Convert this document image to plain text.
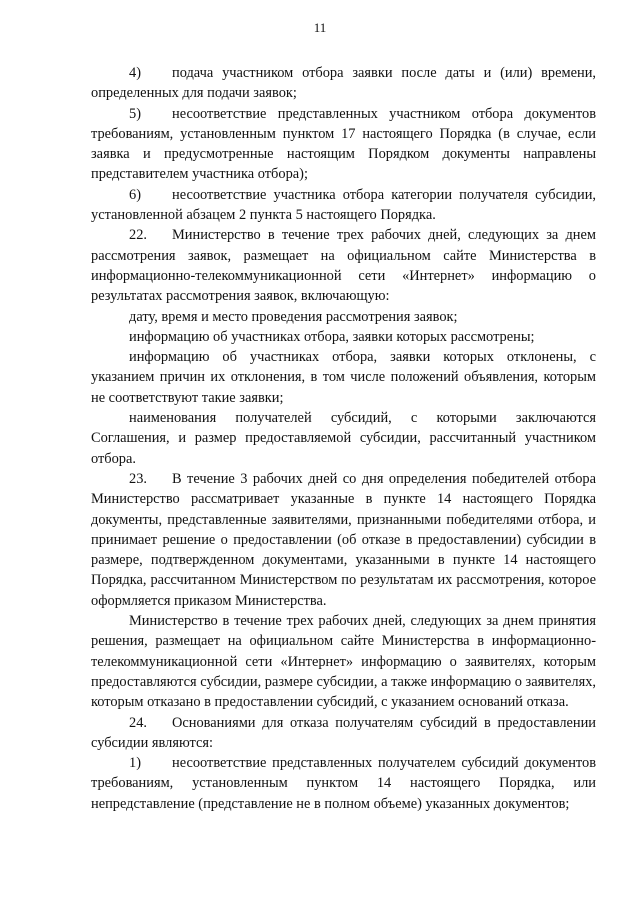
11

4) подача участником отбора заявки после даты и (или) времени, определенных для подачи заявок;

5) несоответствие представленных участником отбора документов требованиям, установленным пунктом 17 настоящего Порядка (в случае, если заявка и предусмотренные настоящим Порядком документы направлены представителем участника отбора);

6) несоответствие участника отбора категории получателя субсидии, установленной абзацем 2 пункта 5 настоящего Порядка.

22. Министерство в течение трех рабочих дней, следующих за днем рассмотрения заявок, размещает на официальном сайте Министерства в информационно-телекоммуникационной сети «Интернет» информацию о результатах рассмотрения заявок, включающую:

дату, время и место проведения рассмотрения заявок;

информацию об участниках отбора, заявки которых рассмотрены;

информацию об участниках отбора, заявки которых отклонены, с указанием причин их отклонения, в том числе положений объявления, которым не соответствуют такие заявки;

наименования получателей субсидий, с которыми заключаются Соглашения, и размер предоставляемой субсидии, рассчитанный участником отбора.

23. В течение 3 рабочих дней со дня определения победителей отбора Министерство рассматривает указанные в пункте 14 настоящего Порядка документы, представленные заявителями, признанными победителями отбора, и принимает решение о предоставлении (об отказе в предоставлении) субсидии в размере, подтвержденном документами, указанными в пункте 14 настоящего Порядка, рассчитанном Министерством по результатам их рассмотрения, которое оформляется приказом Министерства.

Министерство в течение трех рабочих дней, следующих за днем принятия решения, размещает на официальном сайте Министерства в информационно-телекоммуникационной сети «Интернет» информацию о заявителях, которым предоставляются субсидии, размере субсидии, а также информацию о заявителях, которым отказано в предоставлении субсидий, с указанием оснований отказа.

24. Основаниями для отказа получателям субсидий в предоставлении субсидии являются:

1) несоответствие представленных получателем субсидий документов требованиям, установленным пунктом 14 настоящего Порядка, или непредставление (представление не в полном объеме) указанных документов;
